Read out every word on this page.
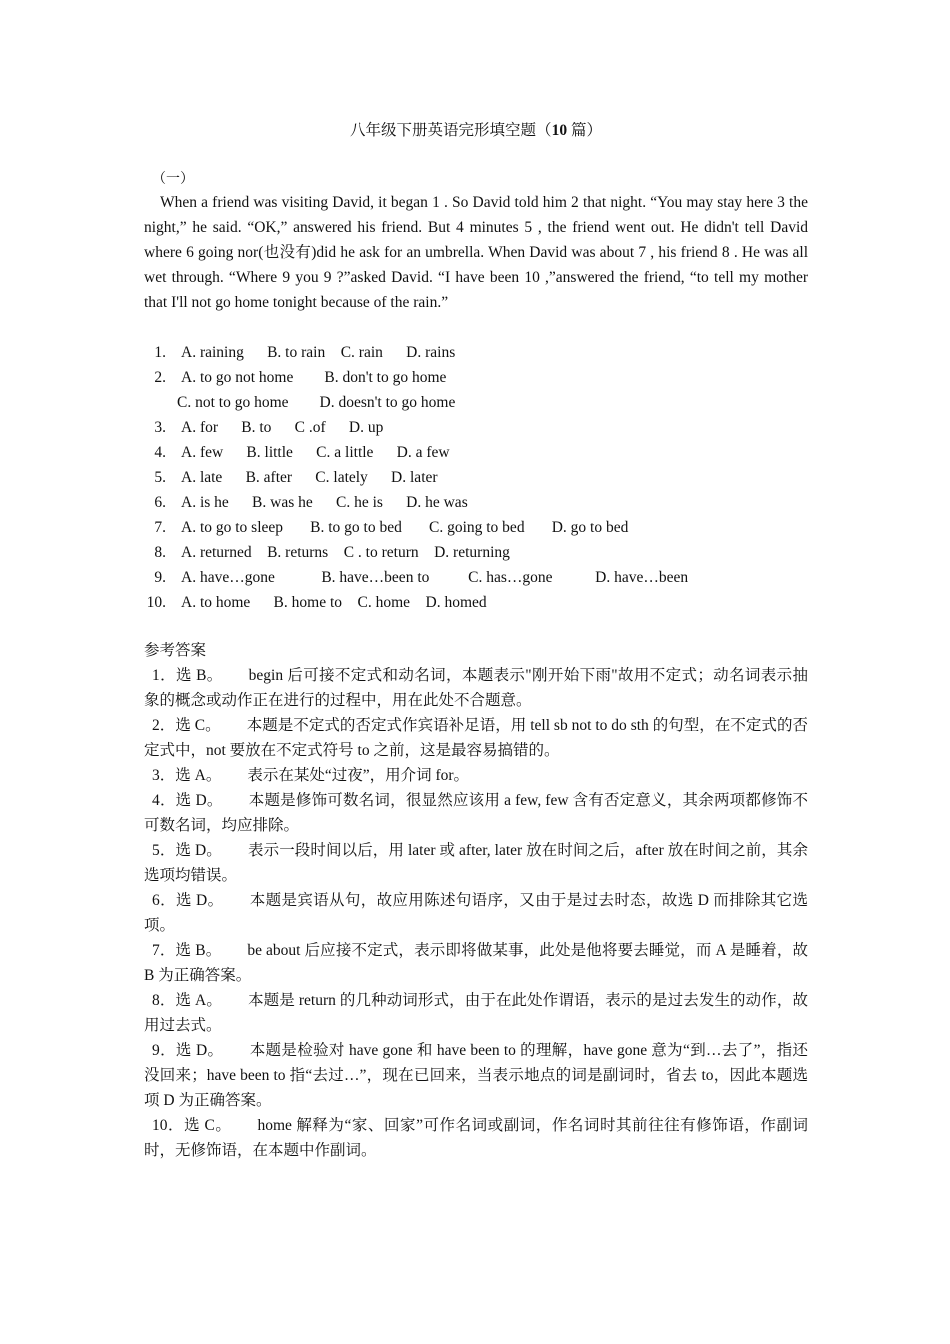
八年级下册英语完形填空题（10 篇）
（一）
When a friend was visiting David, it began 1 . So David told him 2 that night. “You may stay here 3 the night,” he said. “OK,” answered his friend. But 4 minutes 5 , the friend went out. He didn't tell David where 6 going nor(也没有)did he ask for an umbrella. When David was about 7 , his friend 8 . He was all wet through. “Where 9 you 9 ?”asked David. “I have been 10 ,”answered the friend, “to tell my mother that I'll not go home tonight because of the rain.”
1. A. raining      B. to rain    C. rain      D. rains
2. A. to go not home        B. don't to go home
C. not to go home        D. doesn't to go home
3. A. for      B. to      C .of      D. up
4. A. few      B. little      C. a little      D. a few
5. A. late      B. after      C. lately      D. later
6. A. is he      B. was he      C. he is      D. he was
7. A. to go to sleep       B. to go to bed       C. going to bed       D. go to bed
8. A. returned    B. returns    C . to return    D. returning
9. A. have…gone            B. have…been to          C. has…gone           D. have…been
10. A. to home      B. home to    C. home    D. homed
参考答案
1．选 B。 begin 后可接不定式和动名词，本题表示"刚开始下雨"故用不定式；动名词表示抽象的概念或动作正在进行的过程中，用在此处不合题意。
2．选 C。 本题是不定式的否定式作宾语补足语，用 tell sb not to do sth 的句型，在不定式的否定式中，not 要放在不定式符号 to 之前，这是最容易搞错的。
3．选 A。 表示在某处“过夜”，用介词 for。
4．选 D。 本题是修饰可数名词，很显然应该用 a few, few 含有否定意义，其余两项都修饰不可数名词，均应排除。
5．选 D。 表示一段时间以后，用 later 或 after, later 放在时间之后，after 放在时间之前，其余选项均错误。
6．选 D。 本题是宾语从句，故应用陈述句语序，又由于是过去时态，故选 D 而排除其它选项。
7．选 B。 be about 后应接不定式，表示即将做某事，此处是他将要去睡觉，而 A 是睡着，故 B 为正确答案。
8．选 A。 本题是 return 的几种动词形式，由于在此处作谓语，表示的是过去发生的动作，故用过去式。
9．选 D。 本题是检验对 have gone 和 have been to 的理解，have gone 意为“到…去了”，指还没回来；have been to 指“去过…”，现在已回来，当表示地点的词是副词时，省去 to，因此本题选项 D 为正确答案。
10．选 C。 home 解释为“家、回家”可作名词或副词，作名词时其前往往有修饰语，作副词时，无修饰语，在本题中作副词。
